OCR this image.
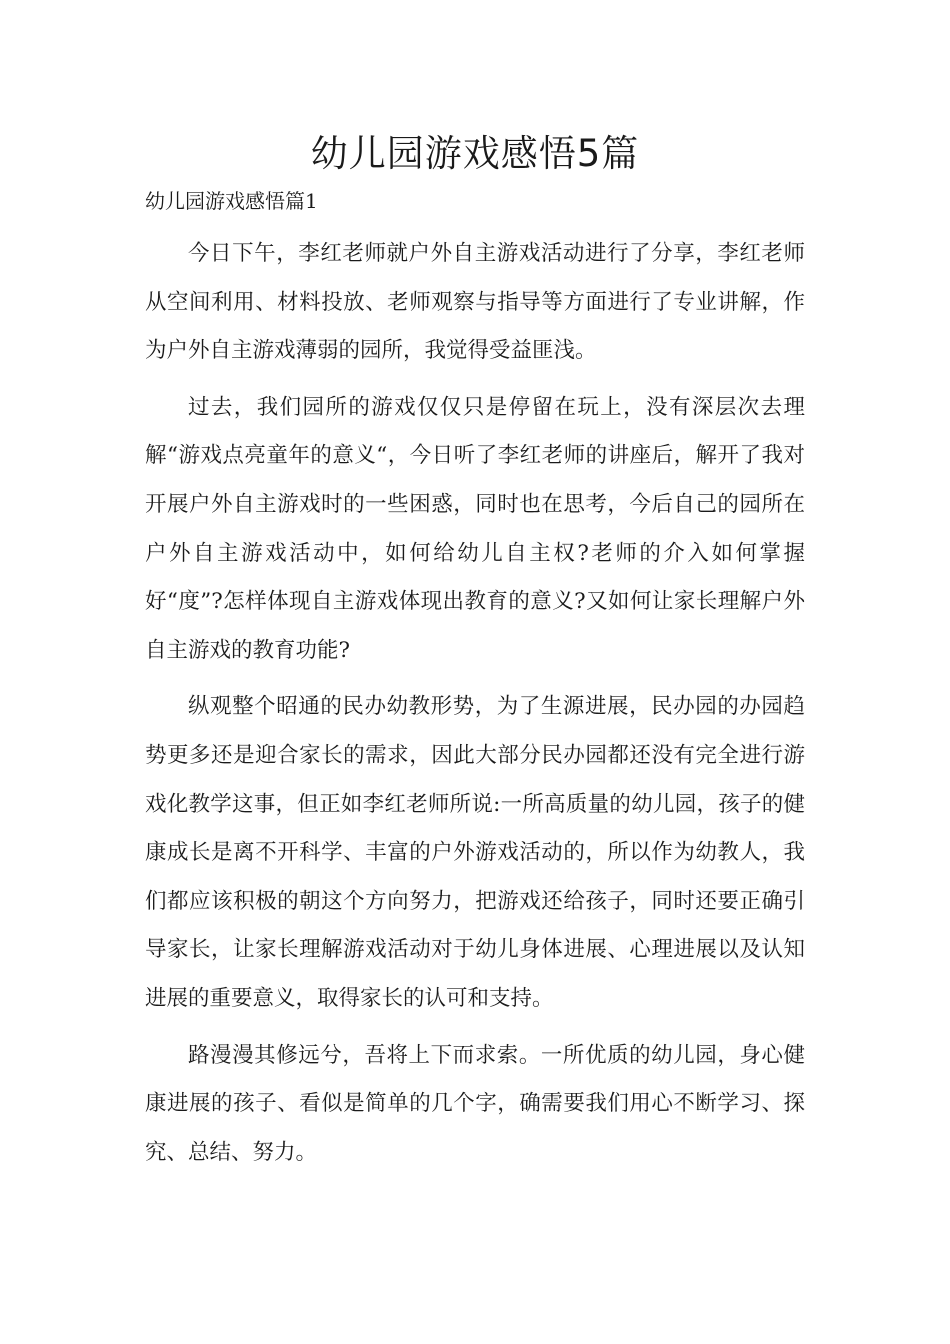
幼儿园游戏感悟5篇
幼儿园游戏感悟篇1

今日下午，李红老师就户外自主游戏活动进行了分享，李红老师从空间利用、材料投放、老师观察与指导等方面进行了专业讲解，作为户外自主游戏薄弱的园所，我觉得受益匪浅。

过去，我们园所的游戏仅仅只是停留在玩上，没有深层次去理解“游戏点亮童年的意义“，今日听了李红老师的讲座后，解开了我对开展户外自主游戏时的一些困惑，同时也在思考，今后自己的园所在户外自主游戏活动中，如何给幼儿自主权?老师的介入如何掌握好“度”?怎样体现自主游戏体现出教育的意义?又如何让家长理解户外自主游戏的教育功能?

纵观整个昭通的民办幼教形势，为了生源进展，民办园的办园趋势更多还是迎合家长的需求，因此大部分民办园都还没有完全进行游戏化教学这事，但正如李红老师所说:一所高质量的幼儿园，孩子的健康成长是离不开科学、丰富的户外游戏活动的，所以作为幼教人，我们都应该积极的朝这个方向努力，把游戏还给孩子，同时还要正确引导家长，让家长理解游戏活动对于幼儿身体进展、心理进展以及认知进展的重要意义，取得家长的认可和支持。

路漫漫其修远兮，吾将上下而求索。一所优质的幼儿园，身心健康进展的孩子、看似是简单的几个字，确需要我们用心不断学习、探究、总结、努力。
